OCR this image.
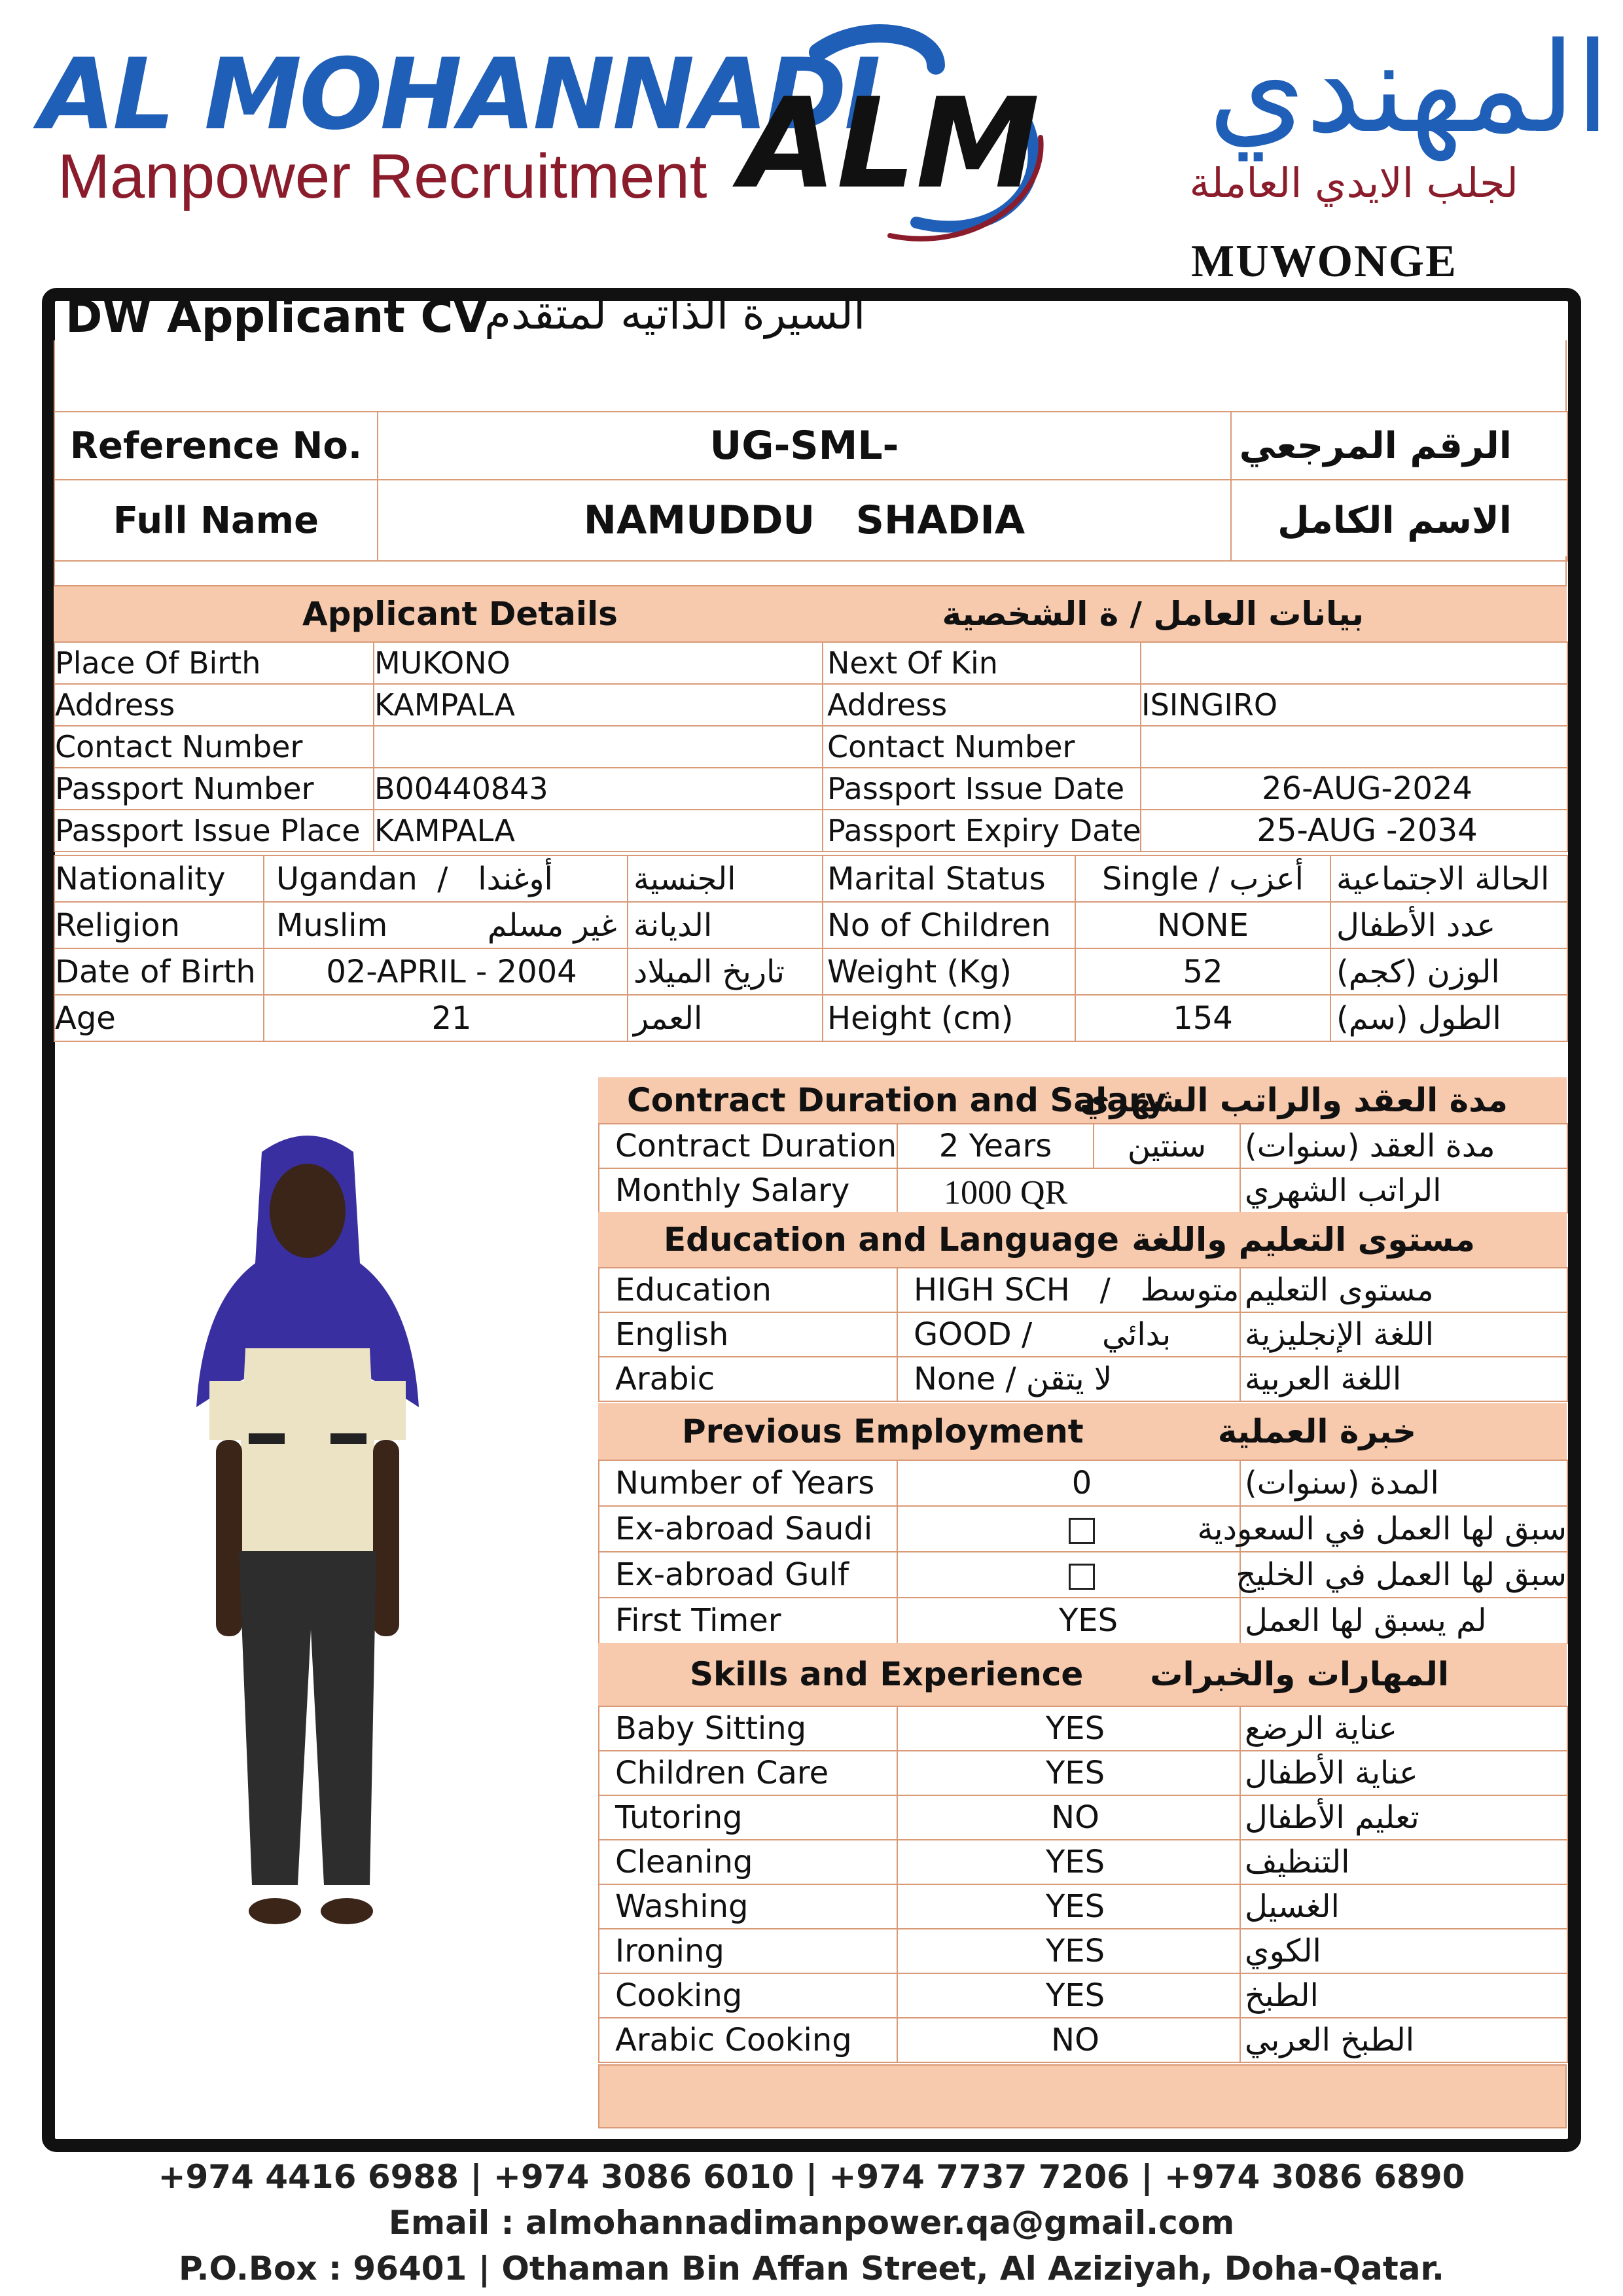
AL MOHANNADI
Manpower Recruitment ALM	المهندي
لجلب الايدي العاملة
MUWONGE
DW Applicant CV
السيرة الذاتيه لمتقدم
Reference No.	UG-SML-	الرقم المرجعي
Full Name	NAMUDDU   SHADIA	الاسم الكامل
Applicant Details	بيانات العامل / ة الشخصية
Place Of Birth	MUKONO	Next Of Kin	
Address	KAMPALA	Address	ISINGIRO
Contact Number		Contact Number	
Passport Number	B00440843	Passport Issue Date	26-AUG-2024
Passport Issue Place	KAMPALA	Passport Expiry Date	25-AUG -2034
Nationality	Ugandan  /   أوغندا	الجنسية	Marital Status	Single / أعزب	الحالة الاجتماعية
Religion	Muslim          غير مسلم	الديانة	No of Children	NONE	عدد الأطفال
Date of Birth	02-APRIL - 2004	تاريخ الميلاد	Weight (Kg)	52	الوزن (كجم)
Age	21	العمر	Height (cm)	154	الطول (سم)
Contract Duration and Salary
مدة العقد والراتب الشهري
Contract Duration	2 Years	سنتين	مدة العقد (سنوات)
Monthly Salary	1000 QR		الراتب الشهري
Education and Language مستوى التعليم واللغة
Education	HIGH SCH   /   متوسط	مستوى التعليم
English	GOOD /       بدائي	اللغة الإنجليزية
Arabic	None / لا يتقن	اللغة العربية
Previous Employment	خبرة العملية
Number of Years	0	المدة (سنوات)
Ex-abroad Saudi		سبق لها العمل في السعودية
Ex-abroad Gulf		سبق لها العمل في الخليج
First Timer	YES	لم يسبق لها العمل
Skills and Experience المهارات والخبرات
Baby Sitting	YES	عناية الرضع
Children Care	YES	عناية الأطفال
Tutoring	NO	تعليم الأطفال
Cleaning	YES	التنظيف
Washing	YES	الغسيل
Ironing	YES	الكوي
Cooking	YES	الطبخ
Arabic Cooking	NO	الطبخ العربي
+974 4416 6988 | +974 3086 6010 | +974 7737 7206 | +974 3086 6890
Email : almohannadimanpower.qa@gmail.com
P.O.Box : 96401 | Othaman Bin Affan Street, Al Aziziyah, Doha-Qatar.
